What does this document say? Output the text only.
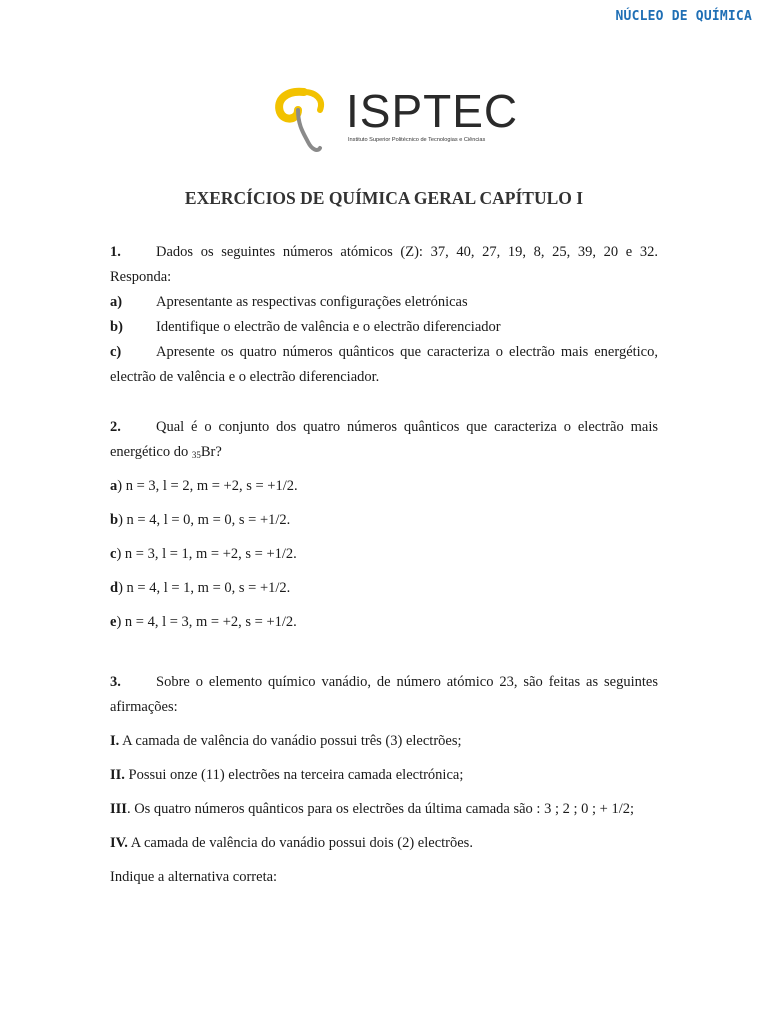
NÚCLEO DE QUÍMICA
ISPTEC
Instituto Superior Politécnico de Tecnologias e Ciências
EXERCÍCIOS DE QUÍMICA GERAL CAPÍTULO I

1. Dados os seguintes números atómicos (Z): 37, 40, 27, 19, 8, 25, 39, 20 e 32. Responda:

a)	Apresentante as respectivas configurações eletrónicas
b)	Identifique o electrão de valência e o electrão diferenciador

c) Apresente os quatro números quânticos que caracteriza o electrão mais energético, electrão de valência e o electrão diferenciador.

2. Qual é o conjunto dos quatro números quânticos que caracteriza o electrão mais energético do $_{35}$Br?

a) n = 3, l = 2, m = +2, s = +1/2.

b) n = 4, l = 0, m = 0, s = +1/2.

c) n = 3, l = 1, m = +2, s = +1/2.

d) n = 4, l = 1, m = 0, s = +1/2.

e) n = 4, l = 3, m = +2, s = +1/2.

3. Sobre o elemento químico vanádio, de número atómico 23, são feitas as seguintes afirmações:

I. A camada de valência do vanádio possui três (3) electrões;

II. Possui onze (11) electrões na terceira camada electrónica;

III. Os quatro números quânticos para os electrões da última camada são : 3 ; 2 ; 0 ; + 1/2;

IV. A camada de valência do vanádio possui dois (2) electrões.

Indique a alternativa correta:
